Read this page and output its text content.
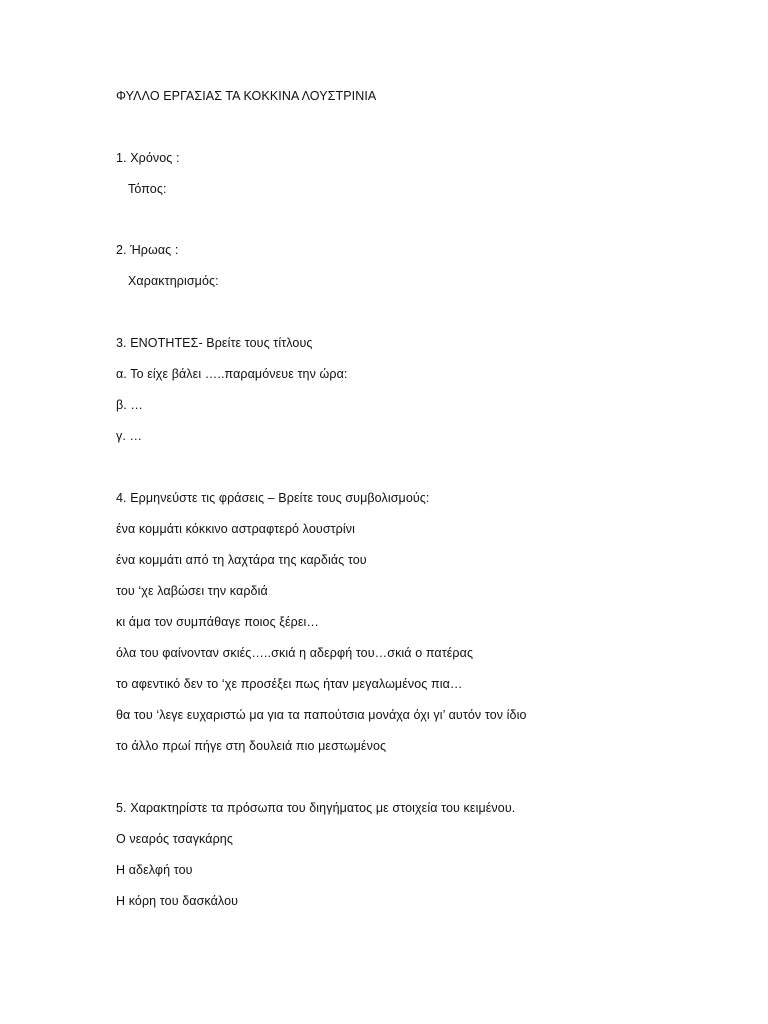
ΦΥΛΛΟ ΕΡΓΑΣΙΑΣ ΤΑ ΚΟΚΚΙΝΑ ΛΟΥΣΤΡΙΝΙΑ
1. Χρόνος :
Τόπος:
2. Ήρωας :
Χαρακτηρισμός:
3. ΕΝΟΤΗΤΕΣ- Βρείτε τους τίτλους
α. Το είχε βάλει …..παραμόνευε την ώρα:
β. …
γ. …
4. Ερμηνεύστε τις φράσεις – Βρείτε τους συμβολισμούς:
ένα κομμάτι κόκκινο αστραφτερό λουστρίνι
ένα κομμάτι από τη λαχτάρα της καρδιάς του
του ‘χε λαβώσει την καρδιά
κι άμα τον συμπάθαγε ποιος ξέρει…
όλα του φαίνονταν σκιές…..σκιά η αδερφή του…σκιά ο πατέρας
το αφεντικό δεν το ‘χε προσέξει πως ήταν μεγαλωμένος πια…
θα του ‘λεγε ευχαριστώ μα για τα παπούτσια μονάχα όχι γι’ αυτόν τον ίδιο
το άλλο πρωί πήγε στη δουλειά πιο μεστωμένος
5. Χαρακτηρίστε τα πρόσωπα του διηγήματος με στοιχεία του κειμένου.
Ο νεαρός τσαγκάρης
Η αδελφή του
Η κόρη του δασκάλου
